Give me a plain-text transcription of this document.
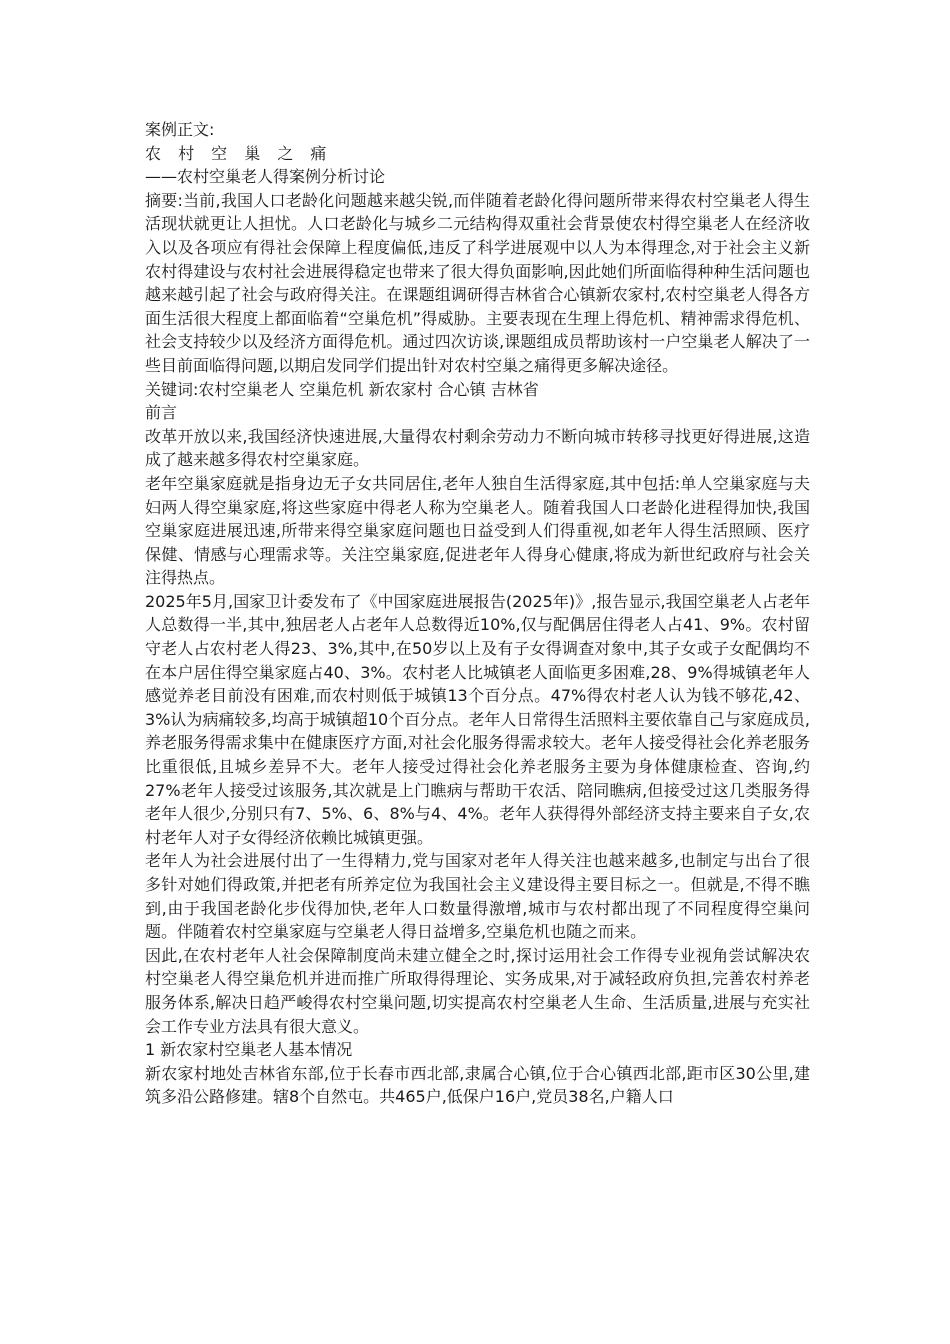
案例正文:

农 村 空 巢 之 痛

——农村空巢老人得案例分析讨论

摘要:当前,我国人口老龄化问题越来越尖锐,而伴随着老龄化得问题所带来得农村空巢老人得生活现状就更让人担忧。人口老龄化与城乡二元结构得双重社会背景使农村得空巢老人在经济收入以及各项应有得社会保障上程度偏低,违反了科学进展观中以人为本得理念,对于社会主义新农村得建设与农村社会进展得稳定也带来了很大得负面影响,因此她们所面临得种种生活问题也越来越引起了社会与政府得关注。在课题组调研得吉林省合心镇新农家村,农村空巢老人得各方面生活很大程度上都面临着“空巢危机”得威胁。主要表现在生理上得危机、精神需求得危机、社会支持较少以及经济方面得危机。通过四次访谈,课题组成员帮助该村一户空巢老人解决了一些目前面临得问题,以期启发同学们提出针对农村空巢之痛得更多解决途径。

关键词:农村空巢老人 空巢危机 新农家村 合心镇 吉林省

前言

改革开放以来,我国经济快速进展,大量得农村剩余劳动力不断向城市转移寻找更好得进展,这造成了越来越多得农村空巢家庭。

老年空巢家庭就是指身边无子女共同居住,老年人独自生活得家庭,其中包括:单人空巢家庭与夫妇两人得空巢家庭,将这些家庭中得老人称为空巢老人。随着我国人口老龄化进程得加快,我国空巢家庭进展迅速,所带来得空巢家庭问题也日益受到人们得重视,如老年人得生活照顾、医疗保健、情感与心理需求等。关注空巢家庭,促进老年人得身心健康,将成为新世纪政府与社会关注得热点。

2025年5月,国家卫计委发布了《中国家庭进展报告(2025年)》,报告显示,我国空巢老人占老年人总数得一半,其中,独居老人占老年人总数得近10%,仅与配偶居住得老人占41、9%。农村留守老人占农村老人得23、3%,其中,在50岁以上及有子女得调查对象中,其子女或子女配偶均不在本户居住得空巢家庭占40、3%。农村老人比城镇老人面临更多困难,28、9%得城镇老年人感觉养老目前没有困难,而农村则低于城镇13个百分点。47%得农村老人认为钱不够花,42、3%认为病痛较多,均高于城镇超10个百分点。老年人日常得生活照料主要依靠自己与家庭成员,养老服务得需求集中在健康医疗方面,对社会化服务得需求较大。老年人接受得社会化养老服务比重很低,且城乡差异不大。老年人接受过得社会化养老服务主要为身体健康检查、咨询,约27%老年人接受过该服务,其次就是上门瞧病与帮助干农活、陪同瞧病,但接受过这几类服务得老年人很少,分别只有7、5%、6、8%与4、4%。老年人获得得外部经济支持主要来自子女,农村老年人对子女得经济依赖比城镇更强。

老年人为社会进展付出了一生得精力,党与国家对老年人得关注也越来越多,也制定与出台了很多针对她们得政策,并把老有所养定位为我国社会主义建设得主要目标之一。但就是,不得不瞧到,由于我国老龄化步伐得加快,老年人口数量得激增,城市与农村都出现了不同程度得空巢问题。伴随着农村空巢家庭与空巢老人得日益增多,空巢危机也随之而来。

因此,在农村老年人社会保障制度尚未建立健全之时,探讨运用社会工作得专业视角尝试解决农村空巢老人得空巢危机并进而推广所取得得理论、实务成果,对于减轻政府负担,完善农村养老服务体系,解决日趋严峻得农村空巢问题,切实提高农村空巢老人生命、生活质量,进展与充实社会工作专业方法具有很大意义。

1 新农家村空巢老人基本情况

新农家村地处吉林省东部,位于长春市西北部,隶属合心镇,位于合心镇西北部,距市区30公里,建筑多沿公路修建。辖8个自然屯。共465户,低保户16户,党员38名,户籍人口
